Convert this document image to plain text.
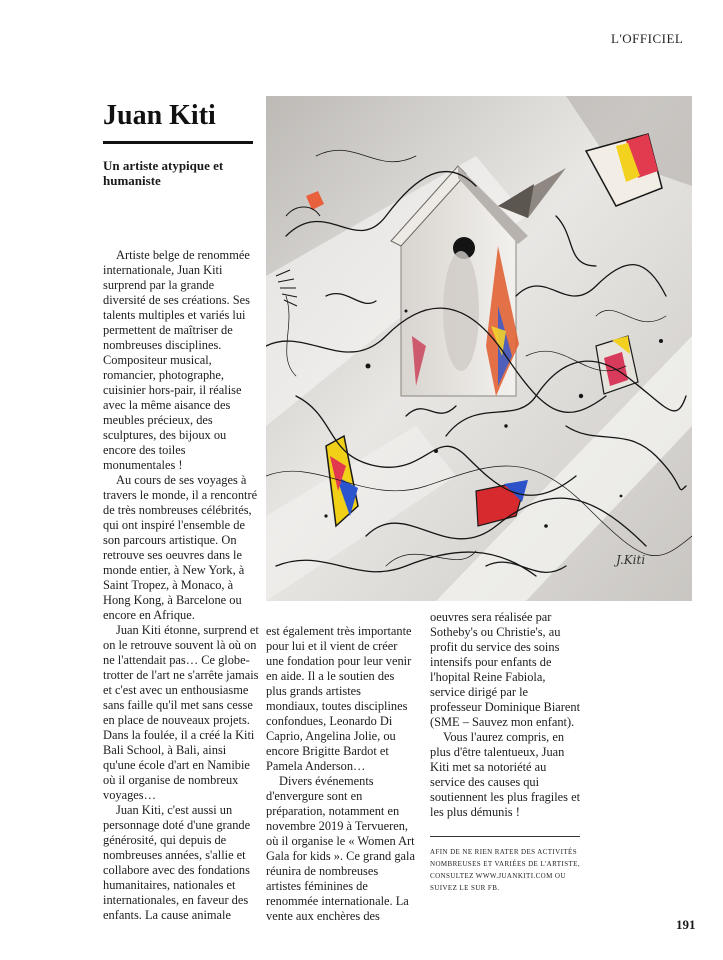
L'OFFICIEL
Juan Kiti
Un artiste atypique et humaniste

Artiste belge de renommée internationale, Juan Kiti surprend par la grande diversité de ses créations. Ses talents multiples et variés lui permettent de maîtriser de nombreuses disciplines. Compositeur musical, romancier, photographe, cuisinier hors-pair, il réalise avec la même aisance des meubles précieux, des sculptures, des bijoux ou encore des toiles monumentales !

Au cours de ses voyages à travers le monde, il a rencontré de très nombreuses célébrités, qui ont inspiré l'ensemble de son parcours artistique. On retrouve ses oeuvres dans le monde entier, à New York, à Saint Tropez, à Monaco, à Hong Kong, à Barcelone ou encore en Afrique.

Juan Kiti étonne, surprend et on le retrouve souvent là où on ne l'attendait pas… Ce globe-trotter de l'art ne s'arrête jamais et c'est avec un enthousiasme sans faille qu'il met sans cesse en place de nouveaux projets. Dans la foulée, il a créé la Kiti Bali School, à Bali, ainsi qu'une école d'art en Namibie où il organise de nombreux voyages…

Juan Kiti, c'est aussi un personnage doté d'une grande générosité, qui depuis de nombreuses années, s'allie et collabore avec des fondations humanitaires, nationales et internationales, en faveur des enfants. La cause animale

est également très importante pour lui et il vient de créer une fondation pour leur venir en aide. Il a le soutien des plus grands artistes mondiaux, toutes disciplines confondues, Leonardo Di Caprio, Angelina Jolie, ou encore Brigitte Bardot et Pamela Anderson…

Divers événements d'envergure sont en préparation, notamment en novembre 2019 à Tervueren, où il organise le « Women Art Gala for kids ». Ce grand gala réunira de nombreuses artistes féminines de renommée internationale. La vente aux enchères des

oeuvres sera réalisée par Sotheby's ou Christie's, au profit du service des soins intensifs pour enfants de l'hopital Reine Fabiola, service dirigé par le professeur Dominique Biarent (SME – Sauvez mon enfant).

Vous l'aurez compris, en plus d'être talentueux, Juan Kiti met sa notoriété au service des causes qui soutiennent les plus fragiles et les plus démunis !

AFIN DE NE RIEN RATER DES ACTIVITÉS NOMBREUSES ET VARIÉES DE L'ARTISTE, CONSULTEZ WWW.JUANKITI.COM OU SUIVEZ LE SUR FB.

191
J.Kiti
